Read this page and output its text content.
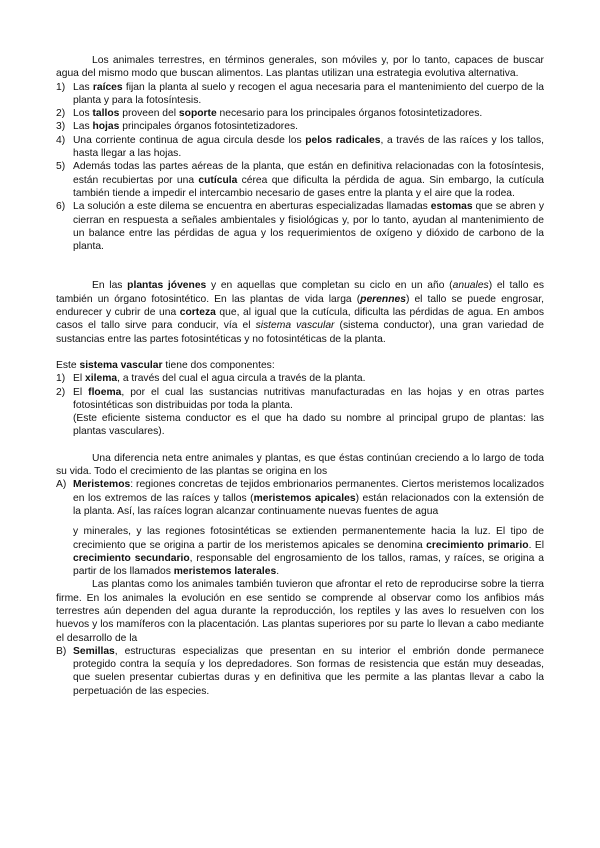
Los animales terrestres, en términos generales, son móviles y, por lo tanto, capaces de buscar agua del mismo modo que buscan alimentos. Las plantas utilizan una estrategia evolutiva alternativa.

1) Las raíces fijan la planta al suelo y recogen el agua necesaria para el mantenimiento del cuerpo de la planta y para la fotosíntesis.

2) Los tallos proveen del soporte necesario para los principales órganos fotosintetizadores.

3) Las hojas principales órganos fotosintetizadores.

4) Una corriente continua de agua circula desde los pelos radicales, a través de las raíces y los tallos, hasta llegar a las hojas.

5) Además todas las partes aéreas de la planta, que están en definitiva relacionadas con la fotosíntesis, están recubiertas por una cutícula cérea que dificulta la pérdida de agua. Sin embargo, la cutícula también tiende a impedir el intercambio necesario de gases entre la planta y el aire que la rodea.

6) La solución a este dilema se encuentra en aberturas especializadas llamadas estomas que se abren y cierran en respuesta a señales ambientales y fisiológicas y, por lo tanto, ayudan al mantenimiento de un balance entre las pérdidas de agua y los requerimientos de oxígeno y dióxido de carbono de la planta.

En las plantas jóvenes y en aquellas que completan su ciclo en un año (anuales) el tallo es también un órgano fotosintético. En las plantas de vida larga (perennes) el tallo se puede engrosar, endurecer y cubrir de una corteza que, al igual que la cutícula, dificulta las pérdidas de agua. En ambos casos el tallo sirve para conducir, vía el sistema vascular (sistema conductor), una gran variedad de sustancias entre las partes fotosintéticas y no fotosintéticas de la planta.

Este sistema vascular tiene dos componentes:

1) El xilema, a través del cual el agua circula a través de la planta.

2) El floema, por el cual las sustancias nutritivas manufacturadas en las hojas y en otras partes fotosintéticas son distribuidas por toda la planta.
(Este eficiente sistema conductor es el que ha dado su nombre al principal grupo de plantas: las plantas vasculares).

Una diferencia neta entre animales y plantas, es que éstas continúan creciendo a lo largo de toda su vida. Todo el crecimiento de las plantas se origina en los

A) Meristemos: regiones concretas de tejidos embrionarios permanentes. Ciertos meristemos localizados en los extremos de las raíces y tallos (meristemos apicales) están relacionados con la extensión de la planta. Así, las raíces logran alcanzar continuamente nuevas fuentes de agua

y minerales, y las regiones fotosintéticas se extienden permanentemente hacia la luz. El tipo de crecimiento que se origina a partir de los meristemos apicales se denomina crecimiento primario. El crecimiento secundario, responsable del engrosamiento de los tallos, ramas, y raíces, se origina a partir de los llamados meristemos laterales.

Las plantas como los animales también tuvieron que afrontar el reto de reproducirse sobre la tierra firme. En los animales la evolución en ese sentido se comprende al observar como los anfibios más terrestres aún dependen del agua durante la reproducción, los reptiles y las aves lo resuelven con los huevos y los mamíferos con la placentación. Las plantas superiores por su parte lo llevan a cabo mediante el desarrollo de la

B) Semillas, estructuras especializas que presentan en su interior el embrión donde permanece protegido contra la sequía y los depredadores. Son formas de resistencia que están muy deseadas, que suelen presentar cubiertas duras y en definitiva que les permite a las plantas llevar a cabo la perpetuación de las especies.
